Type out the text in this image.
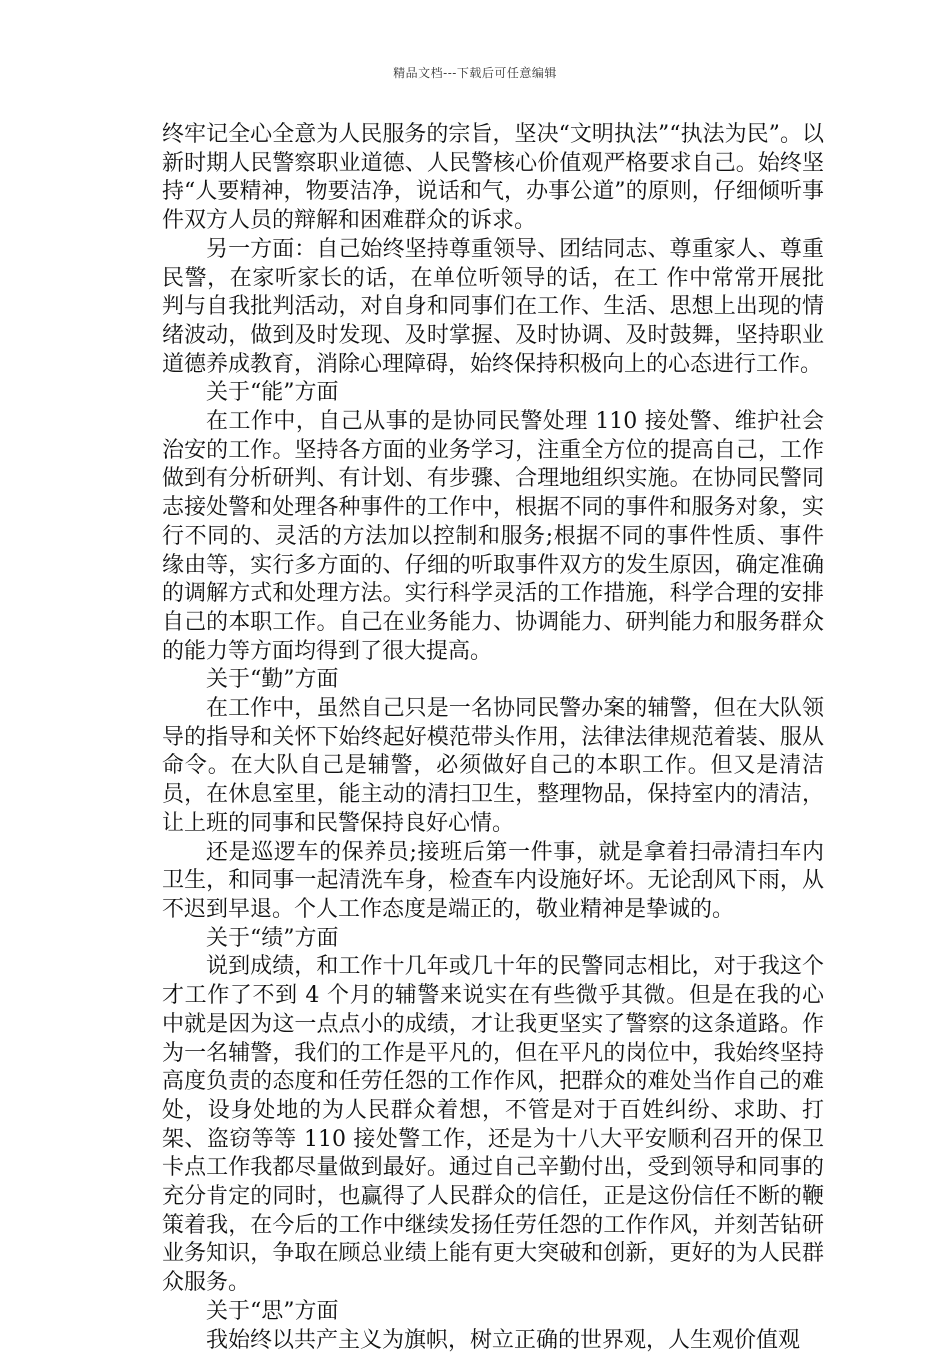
精品文档---下载后可任意编辑

终牢记全心全意为人民服务的宗旨，坚决“文明执法”“执法为民”。以新时期人民警察职业道德、人民警核心价值观严格要求自己。始终坚持“人要精神，物要洁净，说话和气，办事公道”的原则，仔细倾听事件双方人员的辩解和困难群众的诉求。

另一方面：自己始终坚持尊重领导、团结同志、尊重家人、尊重民警，在家听家长的话，在单位听领导的话，在工 作中常常开展批判与自我批判活动，对自身和同事们在工作、生活、思想上出现的情绪波动，做到及时发现、及时掌握、及时协调、及时鼓舞，坚持职业道德养成教育，消除心理障碍，始终保持积极向上的心态进行工作。

关于“能”方面

在工作中，自己从事的是协同民警处理 110 接处警、维护社会治安的工作。坚持各方面的业务学习，注重全方位的提高自己，工作做到有分析研判、有计划、有步骤、合理地组织实施。在协同民警同志接处警和处理各种事件的工作中，根据不同的事件和服务对象，实行不同的、灵活的方法加以控制和服务;根据不同的事件性质、事件缘由等，实行多方面的、仔细的听取事件双方的发生原因，确定准确的调解方式和处理方法。实行科学灵活的工作措施，科学合理的安排自己的本职工作。自己在业务能力、协调能力、研判能力和服务群众的能力等方面均得到了很大提高。

关于“勤”方面

在工作中，虽然自己只是一名协同民警办案的辅警，但在大队领导的指导和关怀下始终起好模范带头作用，法律法律规范着装、服从命令。在大队自己是辅警，必须做好自己的本职工作。但又是清洁员，在休息室里，能主动的清扫卫生，整理物品，保持室内的清洁，让上班的同事和民警保持良好心情。

还是巡逻车的保养员;接班后第一件事，就是拿着扫帚清扫车内卫生，和同事一起清洗车身，检查车内设施好坏。无论刮风下雨，从不迟到早退。个人工作态度是端正的，敬业精神是挚诚的。

关于“绩”方面

说到成绩，和工作十几年或几十年的民警同志相比，对于我这个才工作了不到 4 个月的辅警来说实在有些微乎其微。但是在我的心中就是因为这一点点小的成绩，才让我更坚实了警察的这条道路。作为一名辅警，我们的工作是平凡的，但在平凡的岗位中，我始终坚持高度负责的态度和任劳任怨的工作作风，把群众的难处当作自己的难处，设身处地的为人民群众着想，不管是对于百姓纠纷、求助、打架、盗窃等等 110 接处警工作，还是为十八大平安顺利召开的保卫卡点工作我都尽量做到最好。通过自己辛勤付出，受到领导和同事的充分肯定的同时，也赢得了人民群众的信任，正是这份信任不断的鞭策着我，在今后的工作中继续发扬任劳任怨的工作作风，并刻苦钻研业务知识，争取在顾总业绩上能有更大突破和创新，更好的为人民群众服务。

关于“思”方面

我始终以共产主义为旗帜，树立正确的世界观，人生观价值观
